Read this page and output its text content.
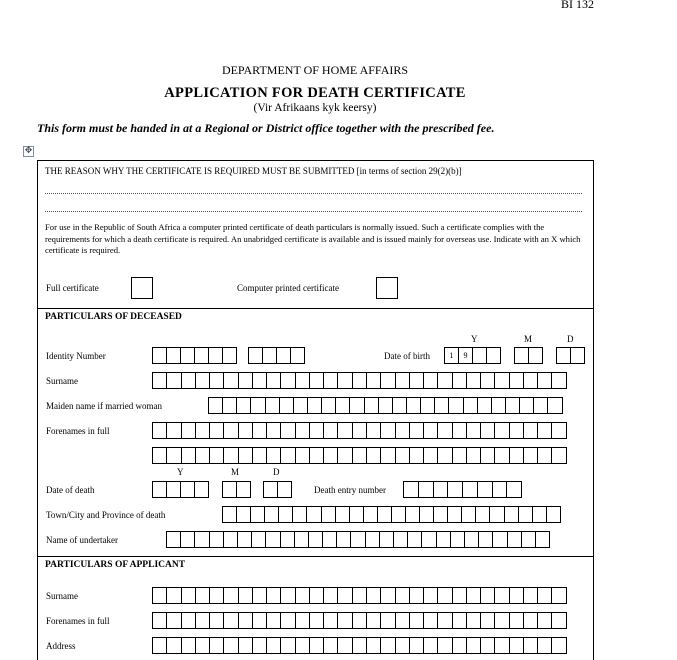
BI 132
DEPARTMENT OF HOME AFFAIRS
APPLICATION FOR DEATH CERTIFICATE
(Vir Afrikaans kyk keersy)
This form must be handed in at a Regional or District office together with the prescribed fee.
✥
THE REASON WHY THE CERTIFICATE IS REQUIRED MUST BE SUBMITTED [in terms of section 29(2)(b)]
For use in the Republic of South Africa a computer printed certificate of death particulars is normally issued. Such a certificate complies with the requirements for which a death certificate is required. An unabridged certificate is available and is issued mainly for overseas use. Indicate with an X which certificate is required.
Full certificate	Computer printed certificate
PARTICULARS OF DECEASED
Y	M	D
Identity Number	Date of birth	1	9
Surname
Maiden name if married woman
Forenames in full
Y	M	D
Date of death	Death entry number
Town/City and Province of death
Name of undertaker
PARTICULARS OF APPLICANT
Surname
Forenames in full
Address
